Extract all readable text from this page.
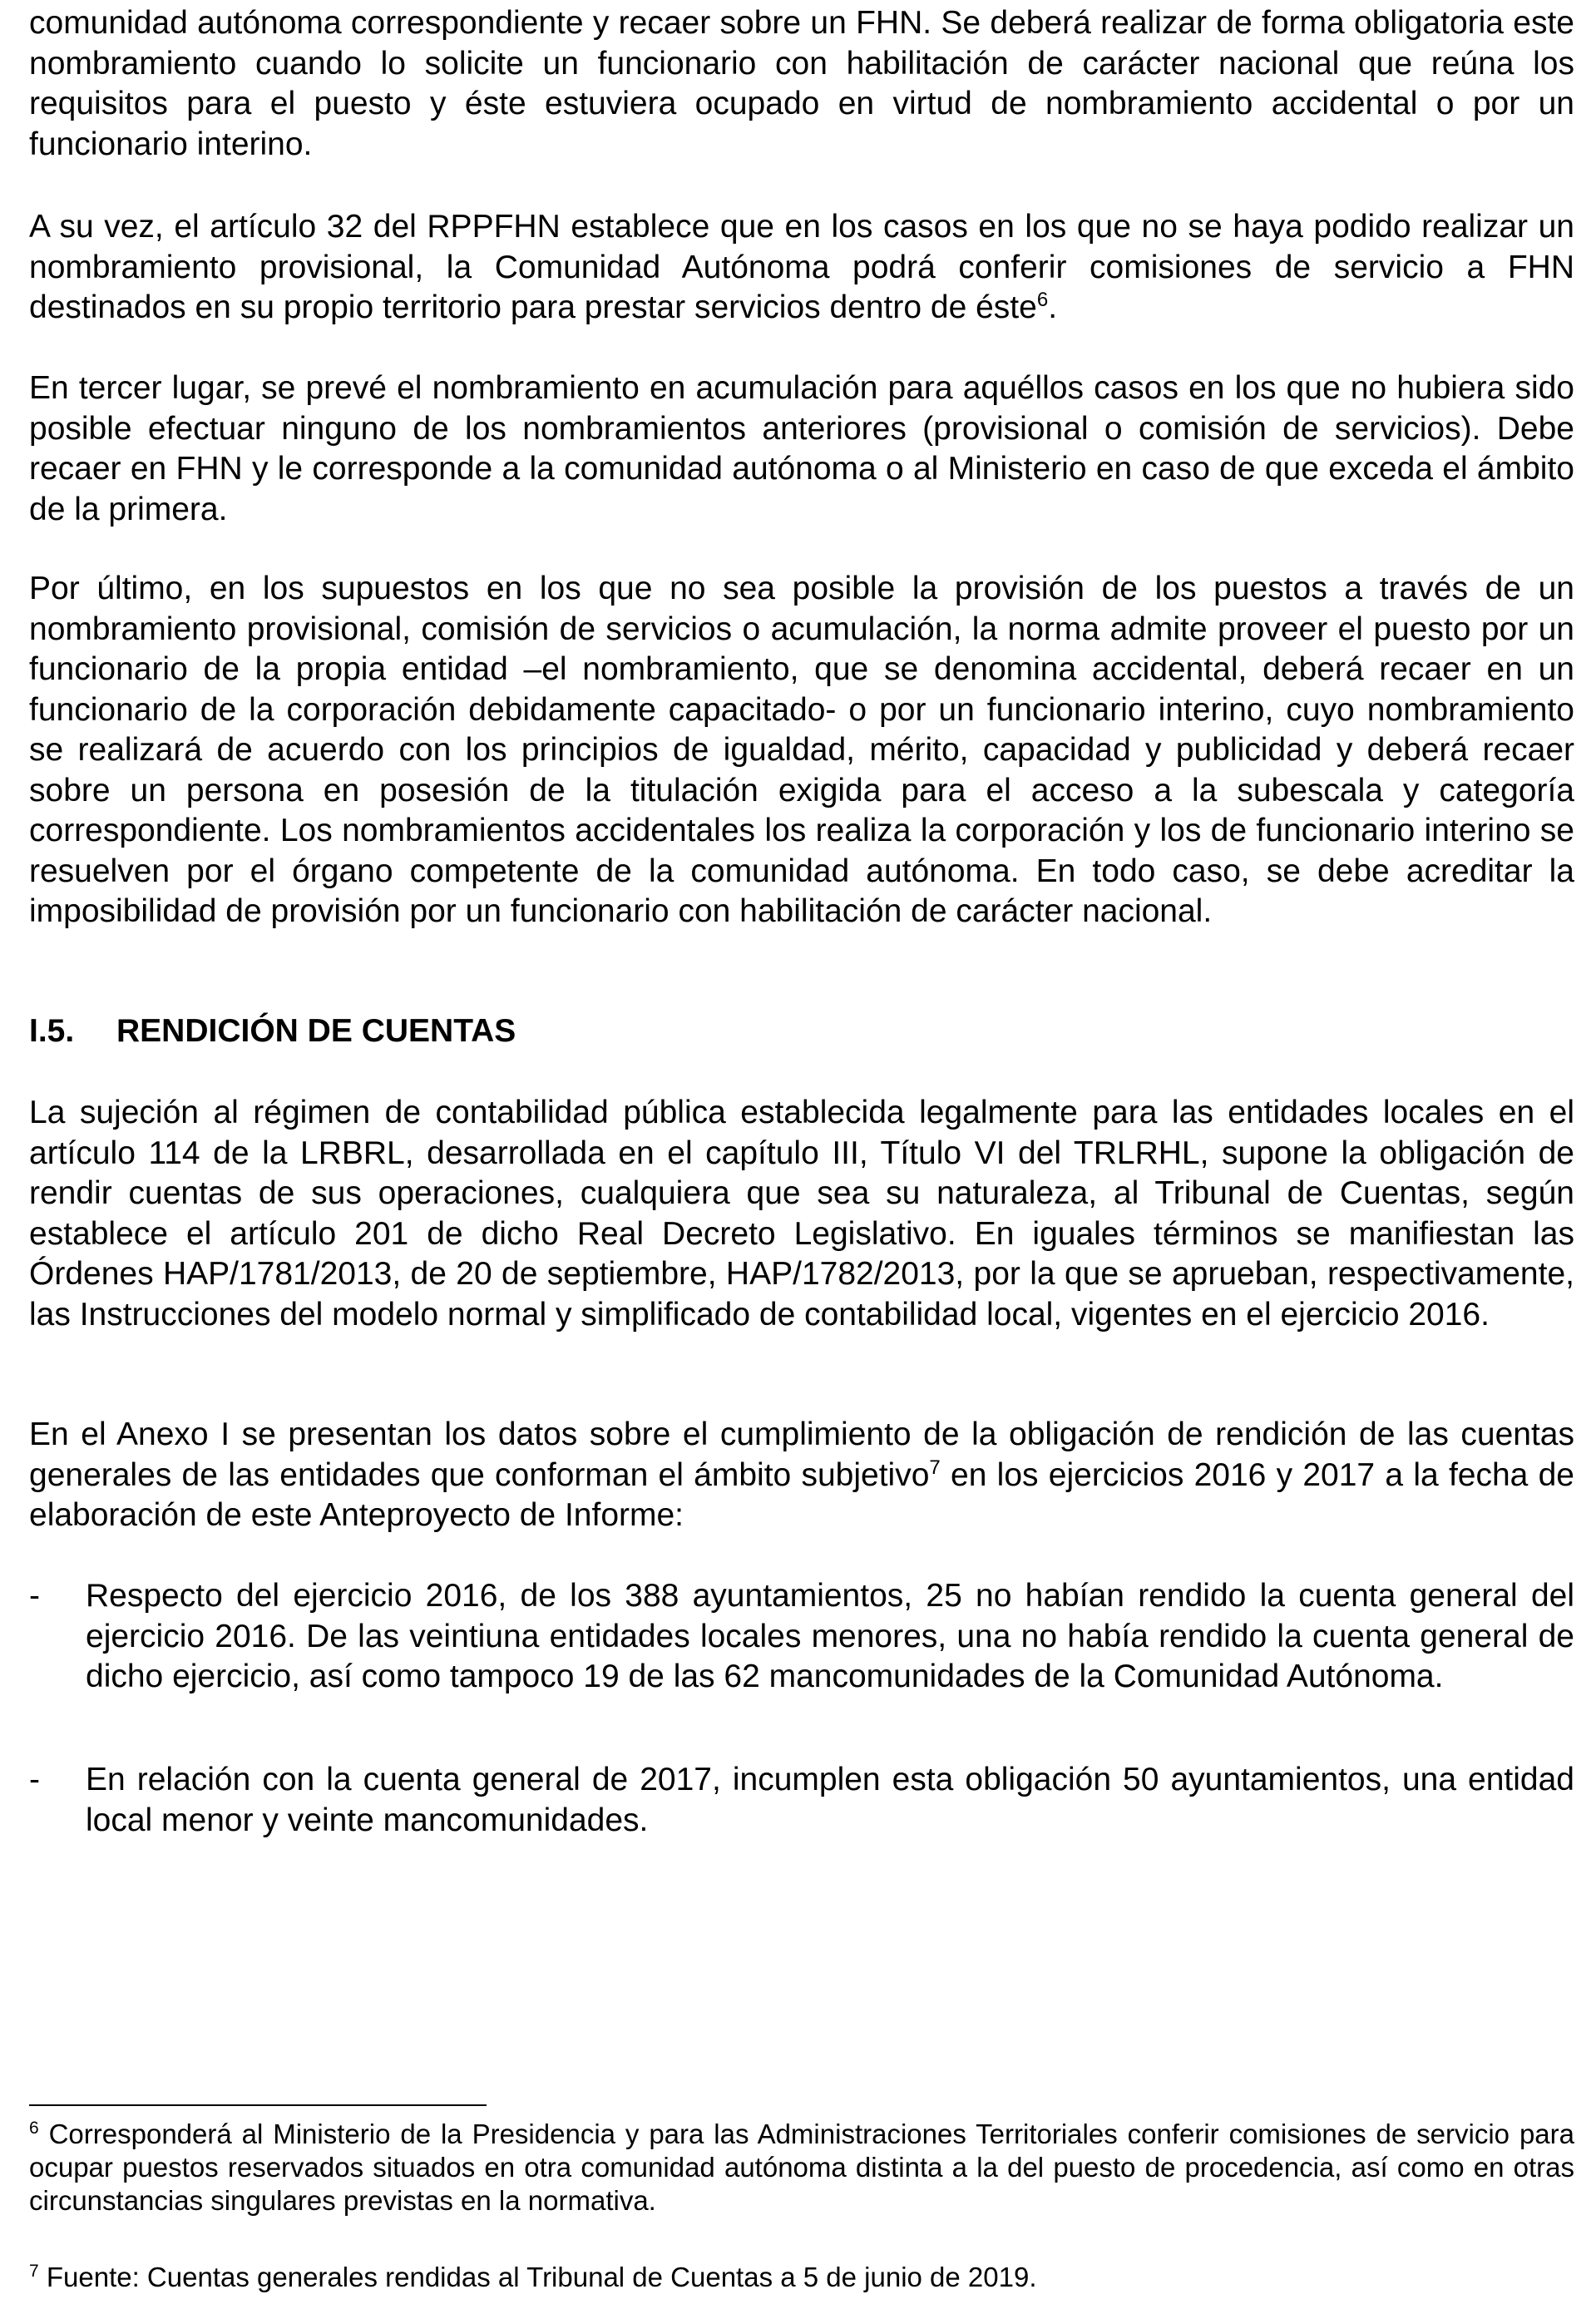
comunidad autónoma correspondiente y recaer sobre un FHN. Se deberá realizar de forma obligatoria este nombramiento cuando lo solicite un funcionario con habilitación de carácter nacional que reúna los requisitos para el puesto y éste estuviera ocupado en virtud de nombramiento accidental o por un funcionario interino.

A su vez, el artículo 32 del RPPFHN establece que en los casos en los que no se haya podido realizar un nombramiento provisional, la Comunidad Autónoma podrá conferir comisiones de servicio a FHN destinados en su propio territorio para prestar servicios dentro de éste$^6$.

En tercer lugar, se prevé el nombramiento en acumulación para aquéllos casos en los que no hubiera sido posible efectuar ninguno de los nombramientos anteriores (provisional o comisión de servicios). Debe recaer en FHN y le corresponde a la comunidad autónoma o al Ministerio en caso de que exceda el ámbito de la primera.

Por último, en los supuestos en los que no sea posible la provisión de los puestos a través de un nombramiento provisional, comisión de servicios o acumulación, la norma admite proveer el puesto por un funcionario de la propia entidad –el nombramiento, que se denomina accidental, deberá recaer en un funcionario de la corporación debidamente capacitado- o por un funcionario interino, cuyo nombramiento se realizará de acuerdo con los principios de igualdad, mérito, capacidad y publicidad y deberá recaer sobre un persona en posesión de la titulación exigida para el acceso a la subescala y categoría correspondiente. Los nombramientos accidentales los realiza la corporación y los de funcionario interino se resuelven por el órgano competente de la comunidad autónoma. En todo caso, se debe acreditar la imposibilidad de provisión por un funcionario con habilitación de carácter nacional.

I.5. RENDICIÓN DE CUENTAS

La sujeción al régimen de contabilidad pública establecida legalmente para las entidades locales en el artículo 114 de la LRBRL, desarrollada en el capítulo III, Título VI del TRLRHL, supone la obligación de rendir cuentas de sus operaciones, cualquiera que sea su naturaleza, al Tribunal de Cuentas, según establece el artículo 201 de dicho Real Decreto Legislativo. En iguales términos se manifiestan las Órdenes HAP/1781/2013, de 20 de septiembre, HAP/1782/2013, por la que se aprueban, respectivamente, las Instrucciones del modelo normal y simplificado de contabilidad local, vigentes en el ejercicio 2016.

En el Anexo I se presentan los datos sobre el cumplimiento de la obligación de rendición de las cuentas generales de las entidades que conforman el ámbito subjetivo$^7$ en los ejercicios 2016 y 2017 a la fecha de elaboración de este Anteproyecto de Informe:

- Respecto del ejercicio 2016, de los 388 ayuntamientos, 25 no habían rendido la cuenta general del ejercicio 2016. De las veintiuna entidades locales menores, una no había rendido la cuenta general de dicho ejercicio, así como tampoco 19 de las 62 mancomunidades de la Comunidad Autónoma.

- En relación con la cuenta general de 2017, incumplen esta obligación 50 ayuntamientos, una entidad local menor y veinte mancomunidades.

$^6$ Corresponderá al Ministerio de la Presidencia y para las Administraciones Territoriales conferir comisiones de servicio para ocupar puestos reservados situados en otra comunidad autónoma distinta a la del puesto de procedencia, así como en otras circunstancias singulares previstas en la normativa.

$^7$ Fuente: Cuentas generales rendidas al Tribunal de Cuentas a 5 de junio de 2019.
